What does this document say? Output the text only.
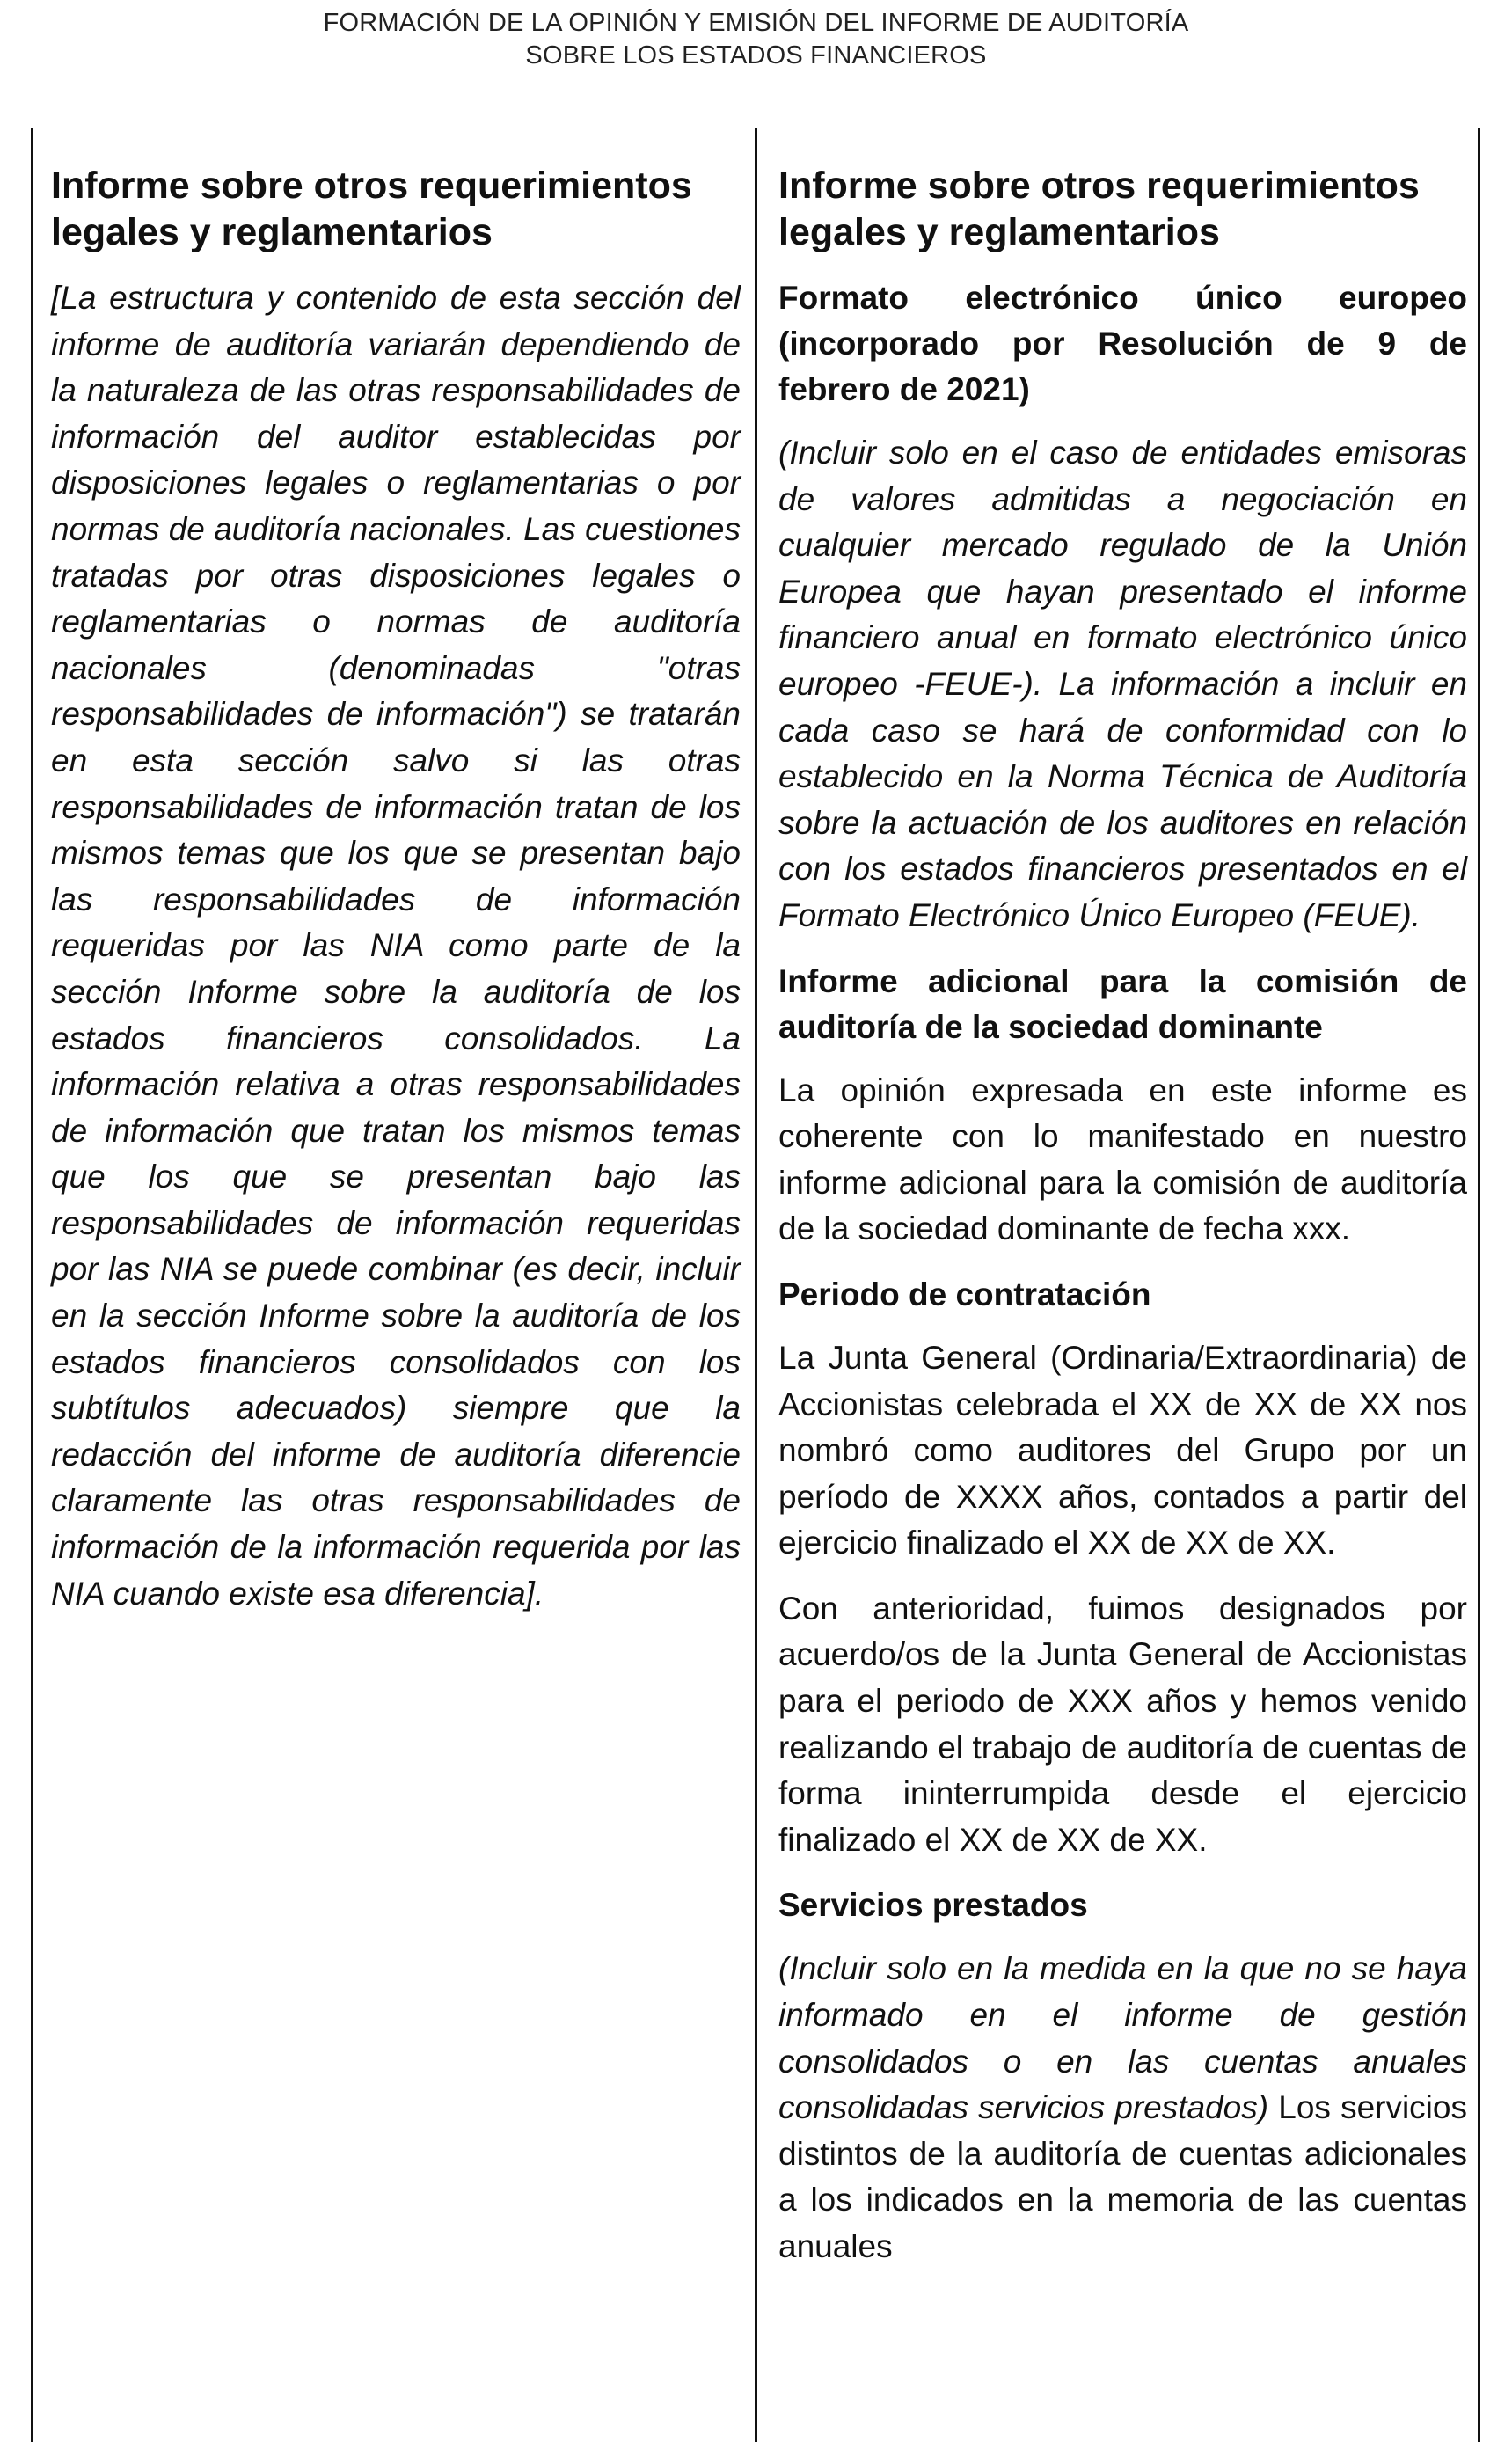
FORMACIÓN DE LA OPINIÓN Y EMISIÓN DEL INFORME DE AUDITORÍA
SOBRE LOS ESTADOS FINANCIEROS
Informe sobre otros requerimientos legales y reglamentarios

[La estructura y contenido de esta sección del informe de auditoría variarán dependiendo de la naturaleza de las otras responsabilidades de información del auditor establecidas por disposiciones legales o reglamentarias o por normas de auditoría nacionales. Las cuestiones tratadas por otras disposiciones legales o reglamentarias o normas de auditoría nacionales (denominadas "otras responsabilidades de información") se tratarán en esta sección salvo si las otras responsabilidades de información tratan de los mismos temas que los que se presentan bajo las responsabilidades de información requeridas por las NIA como parte de la sección Informe sobre la auditoría de los estados financieros consolidados. La información relativa a otras responsabilidades de información que tratan los mismos temas que los que se presentan bajo las responsabilidades de información requeridas por las NIA se puede combinar (es decir, incluir en la sección Informe sobre la auditoría de los estados financieros consolidados con los subtítulos adecuados) siempre que la redacción del informe de auditoría diferencie claramente las otras responsabilidades de información de la información requerida por las NIA cuando existe esa diferencia].

Informe sobre otros requerimientos legales y reglamentarios
Formato electrónico único europeo (incorporado por Resolución de 9 de febrero de 2021)

(Incluir solo en el caso de entidades emisoras de valores admitidas a negociación en cualquier mercado regulado de la Unión Europea que hayan presentado el informe financiero anual en formato electrónico único europeo -FEUE-). La información a incluir en cada caso se hará de conformidad con lo establecido en la Norma Técnica de Auditoría sobre la actuación de los auditores en relación con los estados financieros presentados en el Formato Electrónico Único Europeo (FEUE).

Informe adicional para la comisión de auditoría de la sociedad dominante

La opinión expresada en este informe es coherente con lo manifestado en nuestro informe adicional para la comisión de auditoría de la sociedad dominante de fecha xxx.

Periodo de contratación

La Junta General (Ordinaria/Extraordinaria) de Accionistas celebrada el XX de XX de XX nos nombró como auditores del Grupo por un período de XXXX años, contados a partir del ejercicio finalizado el XX de XX de XX.

Con anterioridad, fuimos designados por acuerdo/os de la Junta General de Accionistas para el periodo de XXX años y hemos venido realizando el trabajo de auditoría de cuentas de forma ininterrumpida desde el ejercicio finalizado el XX de XX de XX.

Servicios prestados

(Incluir solo en la medida en la que no se haya informado en el informe de gestión consolidados o en las cuentas anuales consolidadas servicios prestados) Los servicios distintos de la auditoría de cuentas adicionales a los indicados en la memoria de las cuentas anuales
